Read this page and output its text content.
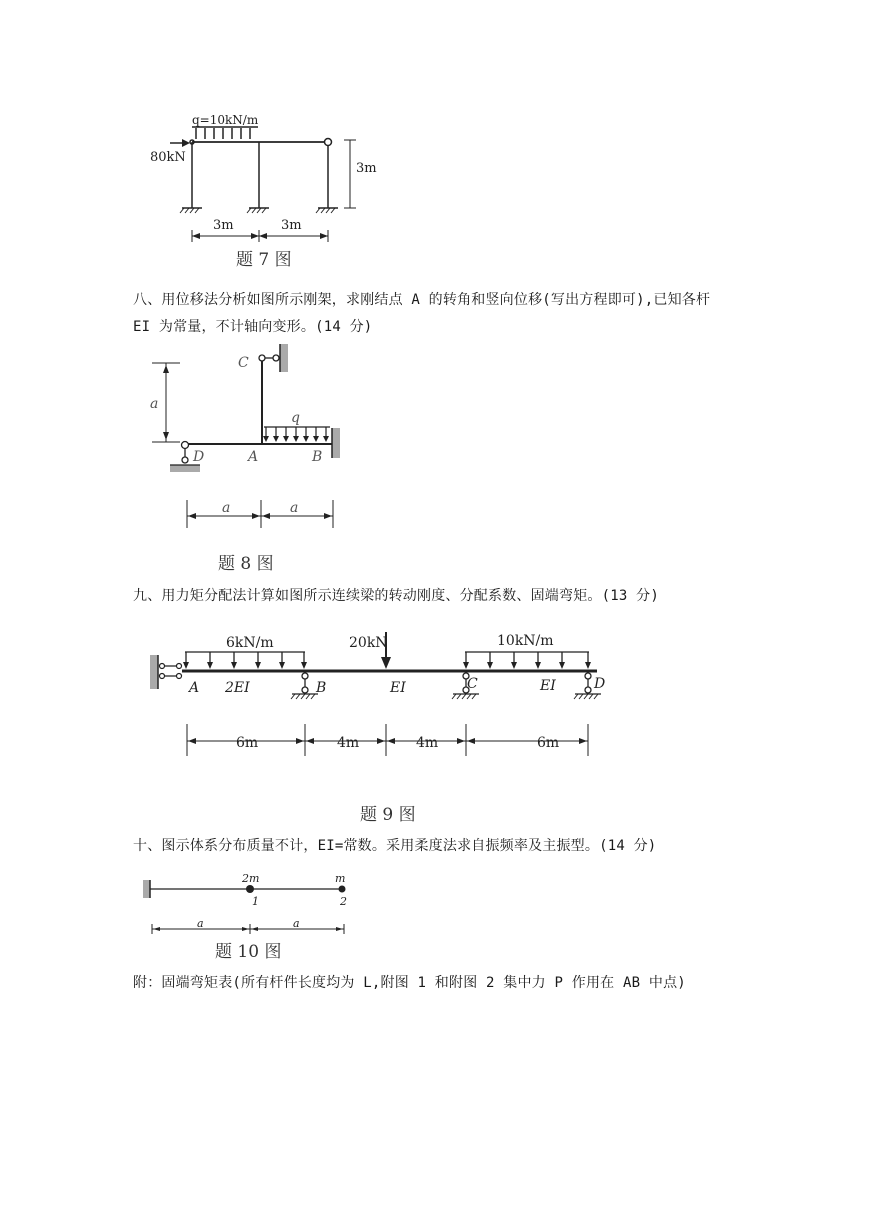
q=10kN/m
80kN
3m
3m	3m
题 7 图
八、用位移法分析如图所示刚架，求刚结点 A 的转角和竖向位移(写出方程即可),已知各杆
EI 为常量，不计轴向变形。(14 分)
C
D	A	B
q
a
a	a
题 8 图
九、用力矩分配法计算如图所示连续梁的转动刚度、分配系数、固端弯矩。(13 分)
6kN/m	20kN	10kN/m
6m	4m	4m	6m
A 2EI	B	EI	C	EI	D
题 9 图
十、图示体系分布质量不计，EI=常数。采用柔度法求自振频率及主振型。(14 分)
2m	m
1	2
a	a
题 10 图
附：固端弯矩表(所有杆件长度均为 L,附图 1 和附图 2 集中力 P 作用在 AB 中点)
